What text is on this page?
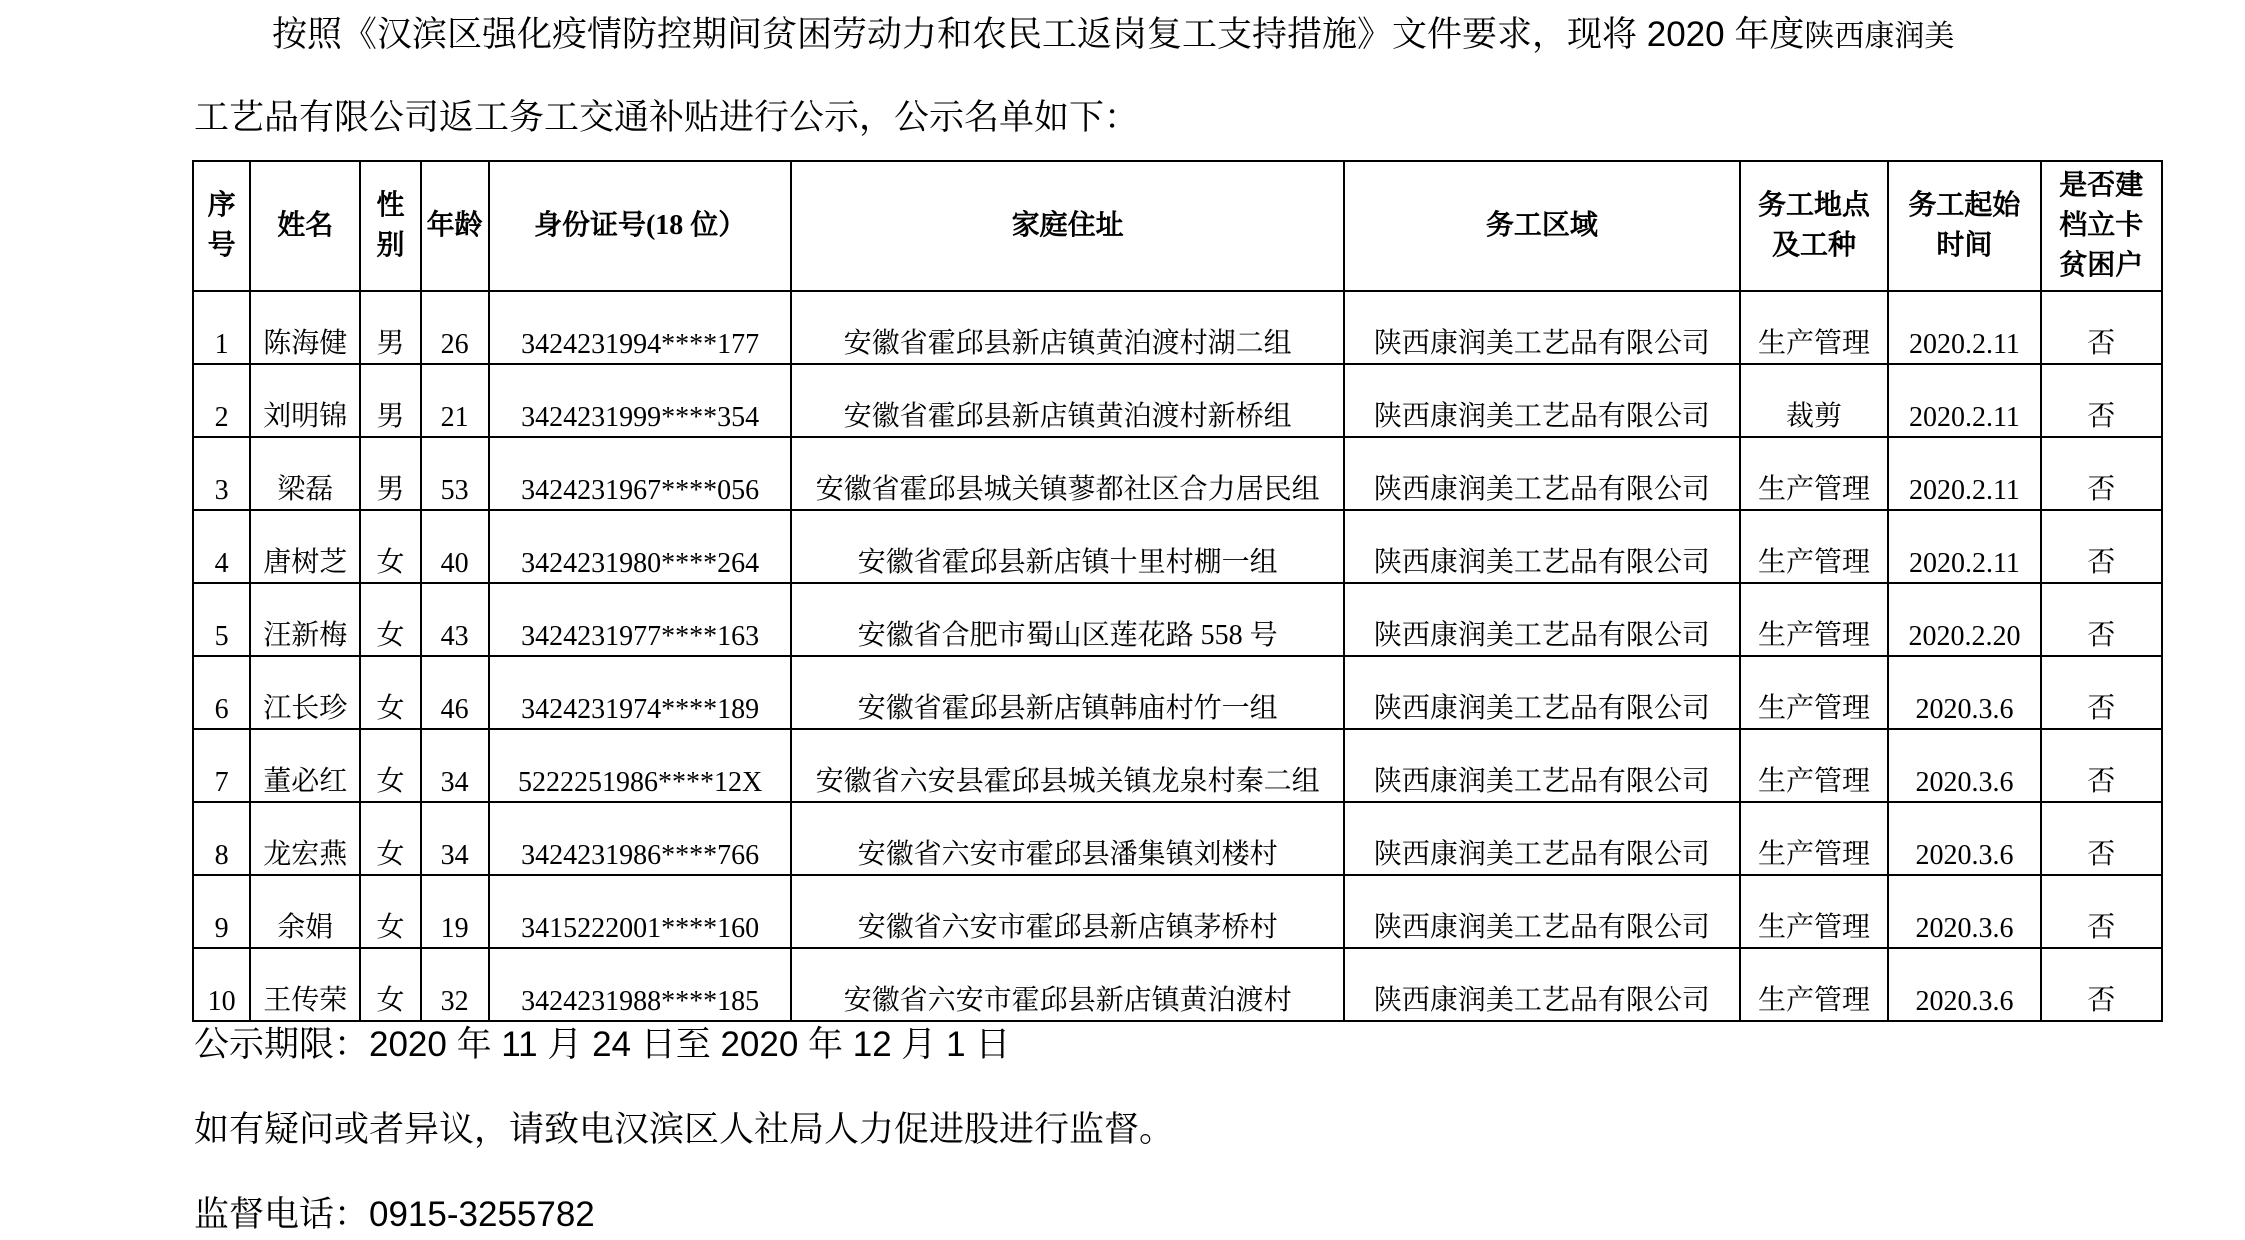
按照《汉滨区强化疫情防控期间贫困劳动力和农民工返岗复工支持措施》文件要求，现将 2020 年度陕西康润美
工艺品有限公司返工务工交通补贴进行公示，公示名单如下：
序号	姓名	性别	年龄	身份证号(18 位）	家庭住址	务工区域	务工地点及工种	务工起始时间	是否建档立卡贫困户
1	陈海健	男	26	3424231994****177	安徽省霍邱县新店镇黄泊渡村湖二组	陕西康润美工艺品有限公司	生产管理	2020.2.11	否
2	刘明锦	男	21	3424231999****354	安徽省霍邱县新店镇黄泊渡村新桥组	陕西康润美工艺品有限公司	裁剪	2020.2.11	否
3	梁磊	男	53	3424231967****056	安徽省霍邱县城关镇蓼都社区合力居民组	陕西康润美工艺品有限公司	生产管理	2020.2.11	否
4	唐树芝	女	40	3424231980****264	安徽省霍邱县新店镇十里村棚一组	陕西康润美工艺品有限公司	生产管理	2020.2.11	否
5	汪新梅	女	43	3424231977****163	安徽省合肥市蜀山区莲花路 558 号	陕西康润美工艺品有限公司	生产管理	2020.2.20	否
6	江长珍	女	46	3424231974****189	安徽省霍邱县新店镇韩庙村竹一组	陕西康润美工艺品有限公司	生产管理	2020.3.6	否
7	董必红	女	34	5222251986****12X	安徽省六安县霍邱县城关镇龙泉村秦二组	陕西康润美工艺品有限公司	生产管理	2020.3.6	否
8	龙宏燕	女	34	3424231986****766	安徽省六安市霍邱县潘集镇刘楼村	陕西康润美工艺品有限公司	生产管理	2020.3.6	否
9	余娟	女	19	3415222001****160	安徽省六安市霍邱县新店镇茅桥村	陕西康润美工艺品有限公司	生产管理	2020.3.6	否
10	王传荣	女	32	3424231988****185	安徽省六安市霍邱县新店镇黄泊渡村	陕西康润美工艺品有限公司	生产管理	2020.3.6	否
公示期限：2020 年 11 月 24 日至 2020 年 12 月 1 日
如有疑问或者异议，请致电汉滨区人社局人力促进股进行监督。
监督电话：0915-3255782
